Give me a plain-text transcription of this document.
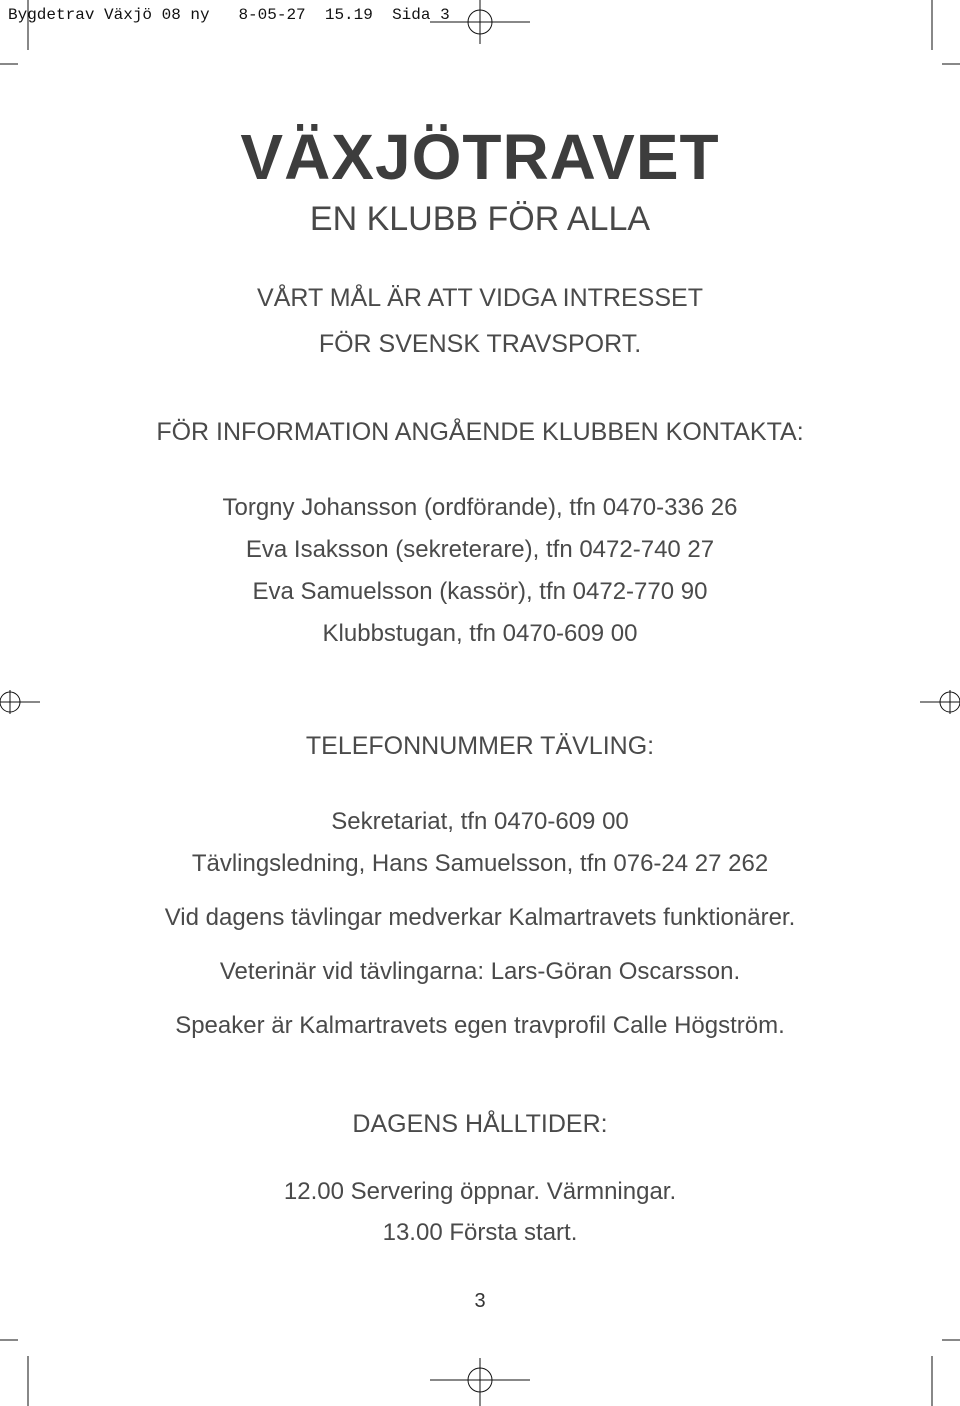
Bygdetrav Växjö 08 ny   8-05-27  15.19  Sida 3
VÄXJÖTRAVET
EN KLUBB FÖR ALLA
VÅRT MÅL ÄR ATT VIDGA INTRESSET
FÖR SVENSK TRAVSPORT.
FÖR INFORMATION ANGÅENDE KLUBBEN KONTAKTA:
Torgny Johansson (ordförande), tfn 0470-336 26
Eva Isaksson (sekreterare), tfn 0472-740 27
Eva Samuelsson (kassör), tfn 0472-770 90
Klubbstugan, tfn 0470-609 00
TELEFONNUMMER TÄVLING:
Sekretariat, tfn 0470-609 00
Tävlingsledning, Hans Samuelsson, tfn 076-24 27 262
Vid dagens tävlingar medverkar Kalmartravets funktionärer.
Veterinär vid tävlingarna: Lars-Göran Oscarsson.
Speaker är Kalmartravets egen travprofil Calle Högström.
DAGENS HÅLLTIDER:
12.00 Servering öppnar. Värmningar.
13.00 Första start.
3
